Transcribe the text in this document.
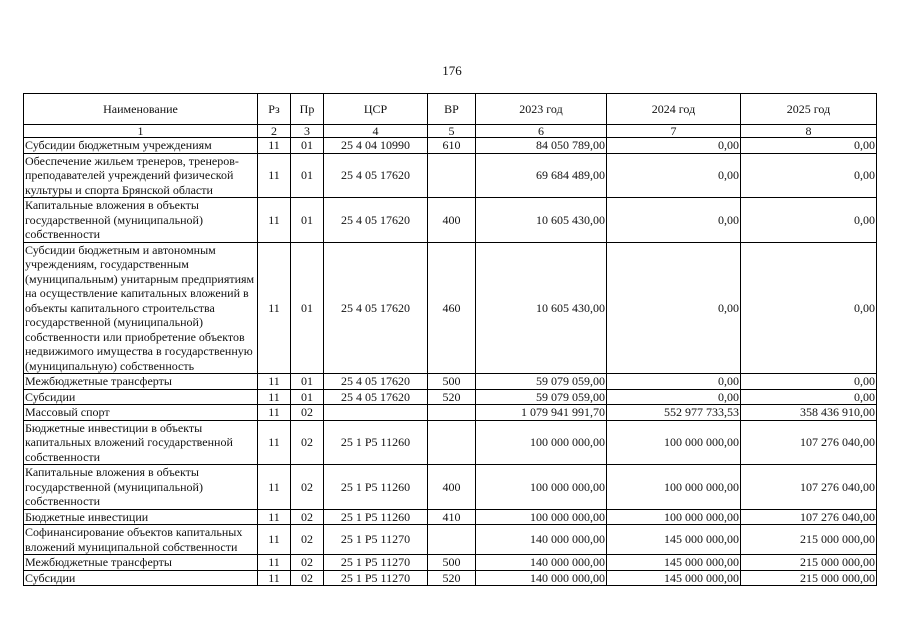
176
Наименование	Рз	Пр	ЦСР	ВР	2023 год	2024 год	2025 год
1	2	3	4	5	6	7	8
Субсидии бюджетным учреждениям	11	01	25 4 04 10990	610	84 050 789,00	0,00	0,00
Обеспечение жильем тренеров, тренеров-преподавателей учреждений физической культуры и спорта Брянской области	11	01	25 4 05 17620		69 684 489,00	0,00	0,00
Капитальные вложения в объекты государственной (муниципальной) собственности	11	01	25 4 05 17620	400	10 605 430,00	0,00	0,00
Субсидии бюджетным и автономным учреждениям, государственным (муниципальным) унитарным предприятиям на осуществление капитальных вложений в объекты капитального строительства государственной (муниципальной) собственности или приобретение объектов недвижимого имущества в государственную (муниципальную) собственность	11	01	25 4 05 17620	460	10 605 430,00	0,00	0,00
Межбюджетные трансферты	11	01	25 4 05 17620	500	59 079 059,00	0,00	0,00
Субсидии	11	01	25 4 05 17620	520	59 079 059,00	0,00	0,00
Массовый спорт	11	02			1 079 941 991,70	552 977 733,53	358 436 910,00
Бюджетные инвестиции в объекты капитальных вложений государственной собственности	11	02	25 1 Р5 11260		100 000 000,00	100 000 000,00	107 276 040,00
Капитальные вложения в объекты государственной (муниципальной) собственности	11	02	25 1 Р5 11260	400	100 000 000,00	100 000 000,00	107 276 040,00
Бюджетные инвестиции	11	02	25 1 Р5 11260	410	100 000 000,00	100 000 000,00	107 276 040,00
Софинансирование объектов капитальных вложений муниципальной собственности	11	02	25 1 Р5 11270		140 000 000,00	145 000 000,00	215 000 000,00
Межбюджетные трансферты	11	02	25 1 Р5 11270	500	140 000 000,00	145 000 000,00	215 000 000,00
Субсидии	11	02	25 1 Р5 11270	520	140 000 000,00	145 000 000,00	215 000 000,00
